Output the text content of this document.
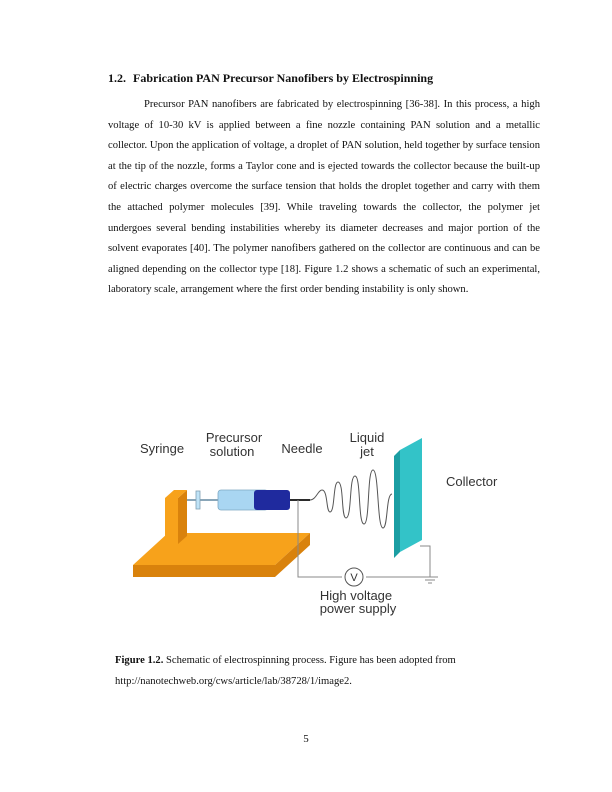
1.2. Fabrication PAN Precursor Nanofibers by Electrospinning

Precursor PAN nanofibers are fabricated by electrospinning [36-38]. In this process, a high voltage of 10-30 kV is applied between a fine nozzle containing PAN solution and a metallic collector. Upon the application of voltage, a droplet of PAN solution, held together by surface tension at the tip of the nozzle, forms a Taylor cone and is ejected towards the collector because the built-up of electric charges overcome the surface tension that holds the droplet together and carry with them the attached polymer molecules [39]. While traveling towards the collector, the polymer jet undergoes several bending instabilities whereby its diameter decreases and major portion of the solvent evaporates [40]. The polymer nanofibers gathered on the collector are continuous and can be aligned depending on the collector type [18]. Figure 1.2 shows a schematic of such an experimental, laboratory scale, arrangement where the first order bending instability is only shown.

V
Syringe
Precursor
solution Needle
Liquid
jet
Collector
High voltage
power supply

Figure 1.2. Schematic of electrospinning process. Figure has been adopted from http://nanotechweb.org/cws/article/lab/38728/1/image2.

5
